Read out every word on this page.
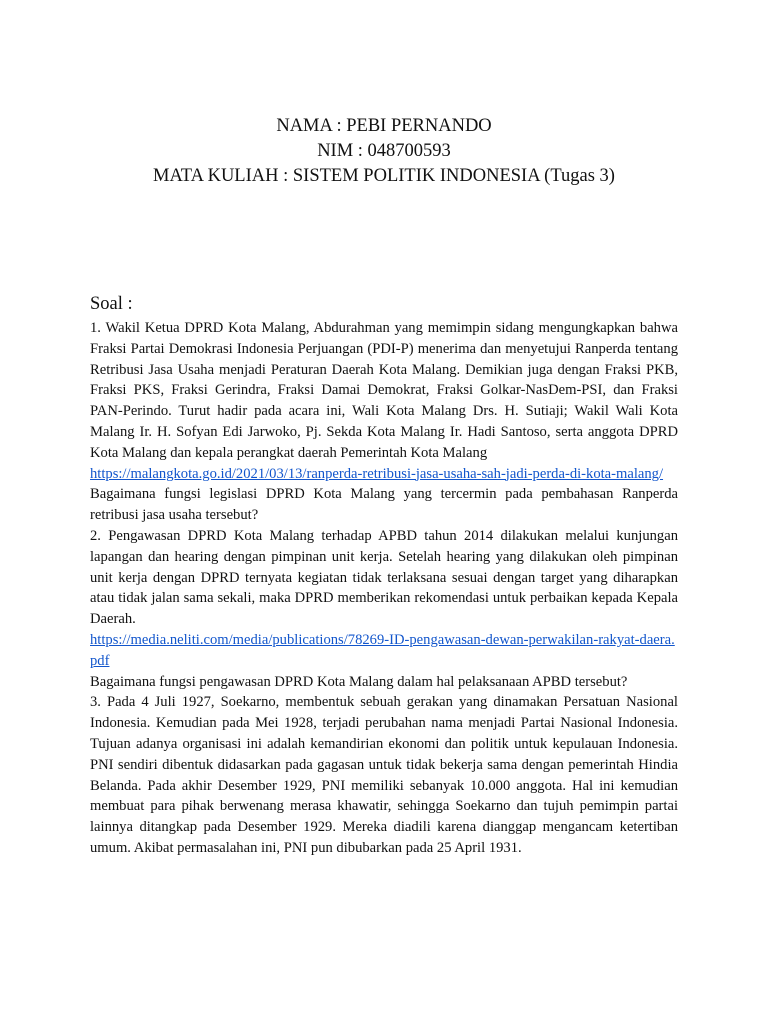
NAMA : PEBI PERNANDO
NIM : 048700593
MATA KULIAH : SISTEM POLITIK INDONESIA (Tugas 3)
Soal :

1. Wakil Ketua DPRD Kota Malang, Abdurahman yang memimpin sidang mengungkapkan bahwa Fraksi Partai Demokrasi Indonesia Perjuangan (PDI-P) menerima dan menyetujui Ranperda tentang Retribusi Jasa Usaha menjadi Peraturan Daerah Kota Malang. Demikian juga dengan Fraksi PKB, Fraksi PKS, Fraksi Gerindra, Fraksi Damai Demokrat, Fraksi Golkar-NasDem-PSI, dan Fraksi PAN-Perindo. Turut hadir pada acara ini, Wali Kota Malang Drs. H. Sutiaji; Wakil Wali Kota Malang Ir. H. Sofyan Edi Jarwoko, Pj. Sekda Kota Malang Ir. Hadi Santoso, serta anggota DPRD Kota Malang dan kepala perangkat daerah Pemerintah Kota Malang

https://malangkota.go.id/2021/03/13/ranperda-retribusi-jasa-usaha-sah-jadi-perda-di-kota-malang/

Bagaimana fungsi legislasi DPRD Kota Malang yang tercermin pada pembahasan Ranperda retribusi jasa usaha tersebut?

2. Pengawasan DPRD Kota Malang terhadap APBD tahun 2014 dilakukan melalui kunjungan lapangan dan hearing dengan pimpinan unit kerja. Setelah hearing yang dilakukan oleh pimpinan unit kerja dengan DPRD ternyata kegiatan tidak terlaksana sesuai dengan target yang diharapkan atau tidak jalan sama sekali, maka DPRD memberikan rekomendasi untuk perbaikan kepada Kepala Daerah.

https://media.neliti.com/media/publications/78269-ID-pengawasan-dewan-perwakilan-rakyat-daera.pdf

Bagaimana fungsi pengawasan DPRD Kota Malang dalam hal pelaksanaan APBD tersebut?

3. Pada 4 Juli 1927, Soekarno, membentuk sebuah gerakan yang dinamakan Persatuan Nasional Indonesia. Kemudian pada Mei 1928, terjadi perubahan nama menjadi Partai Nasional Indonesia. Tujuan adanya organisasi ini adalah kemandirian ekonomi dan politik untuk kepulauan Indonesia. PNI sendiri dibentuk didasarkan pada gagasan untuk tidak bekerja sama dengan pemerintah Hindia Belanda. Pada akhir Desember 1929, PNI memiliki sebanyak 10.000 anggota. Hal ini kemudian membuat para pihak berwenang merasa khawatir, sehingga Soekarno dan tujuh pemimpin partai lainnya ditangkap pada Desember 1929. Mereka diadili karena dianggap mengancam ketertiban umum. Akibat permasalahan ini, PNI pun dibubarkan pada 25 April 1931.
